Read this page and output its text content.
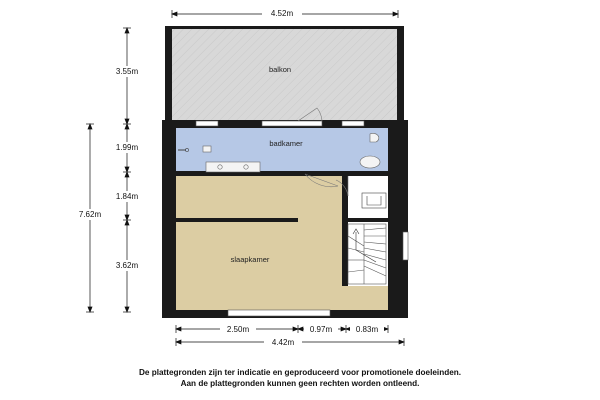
balkon
badkamer
slaapkamer
4.52m
3.55m
1.99m
1.84m
3.62m
7.62m
2.50m	0.97m	0.83m
4.42m
De plattegronden zijn ter indicatie en geproduceerd voor promotionele doeleinden.
Aan de plattegronden kunnen geen rechten worden ontleend.
